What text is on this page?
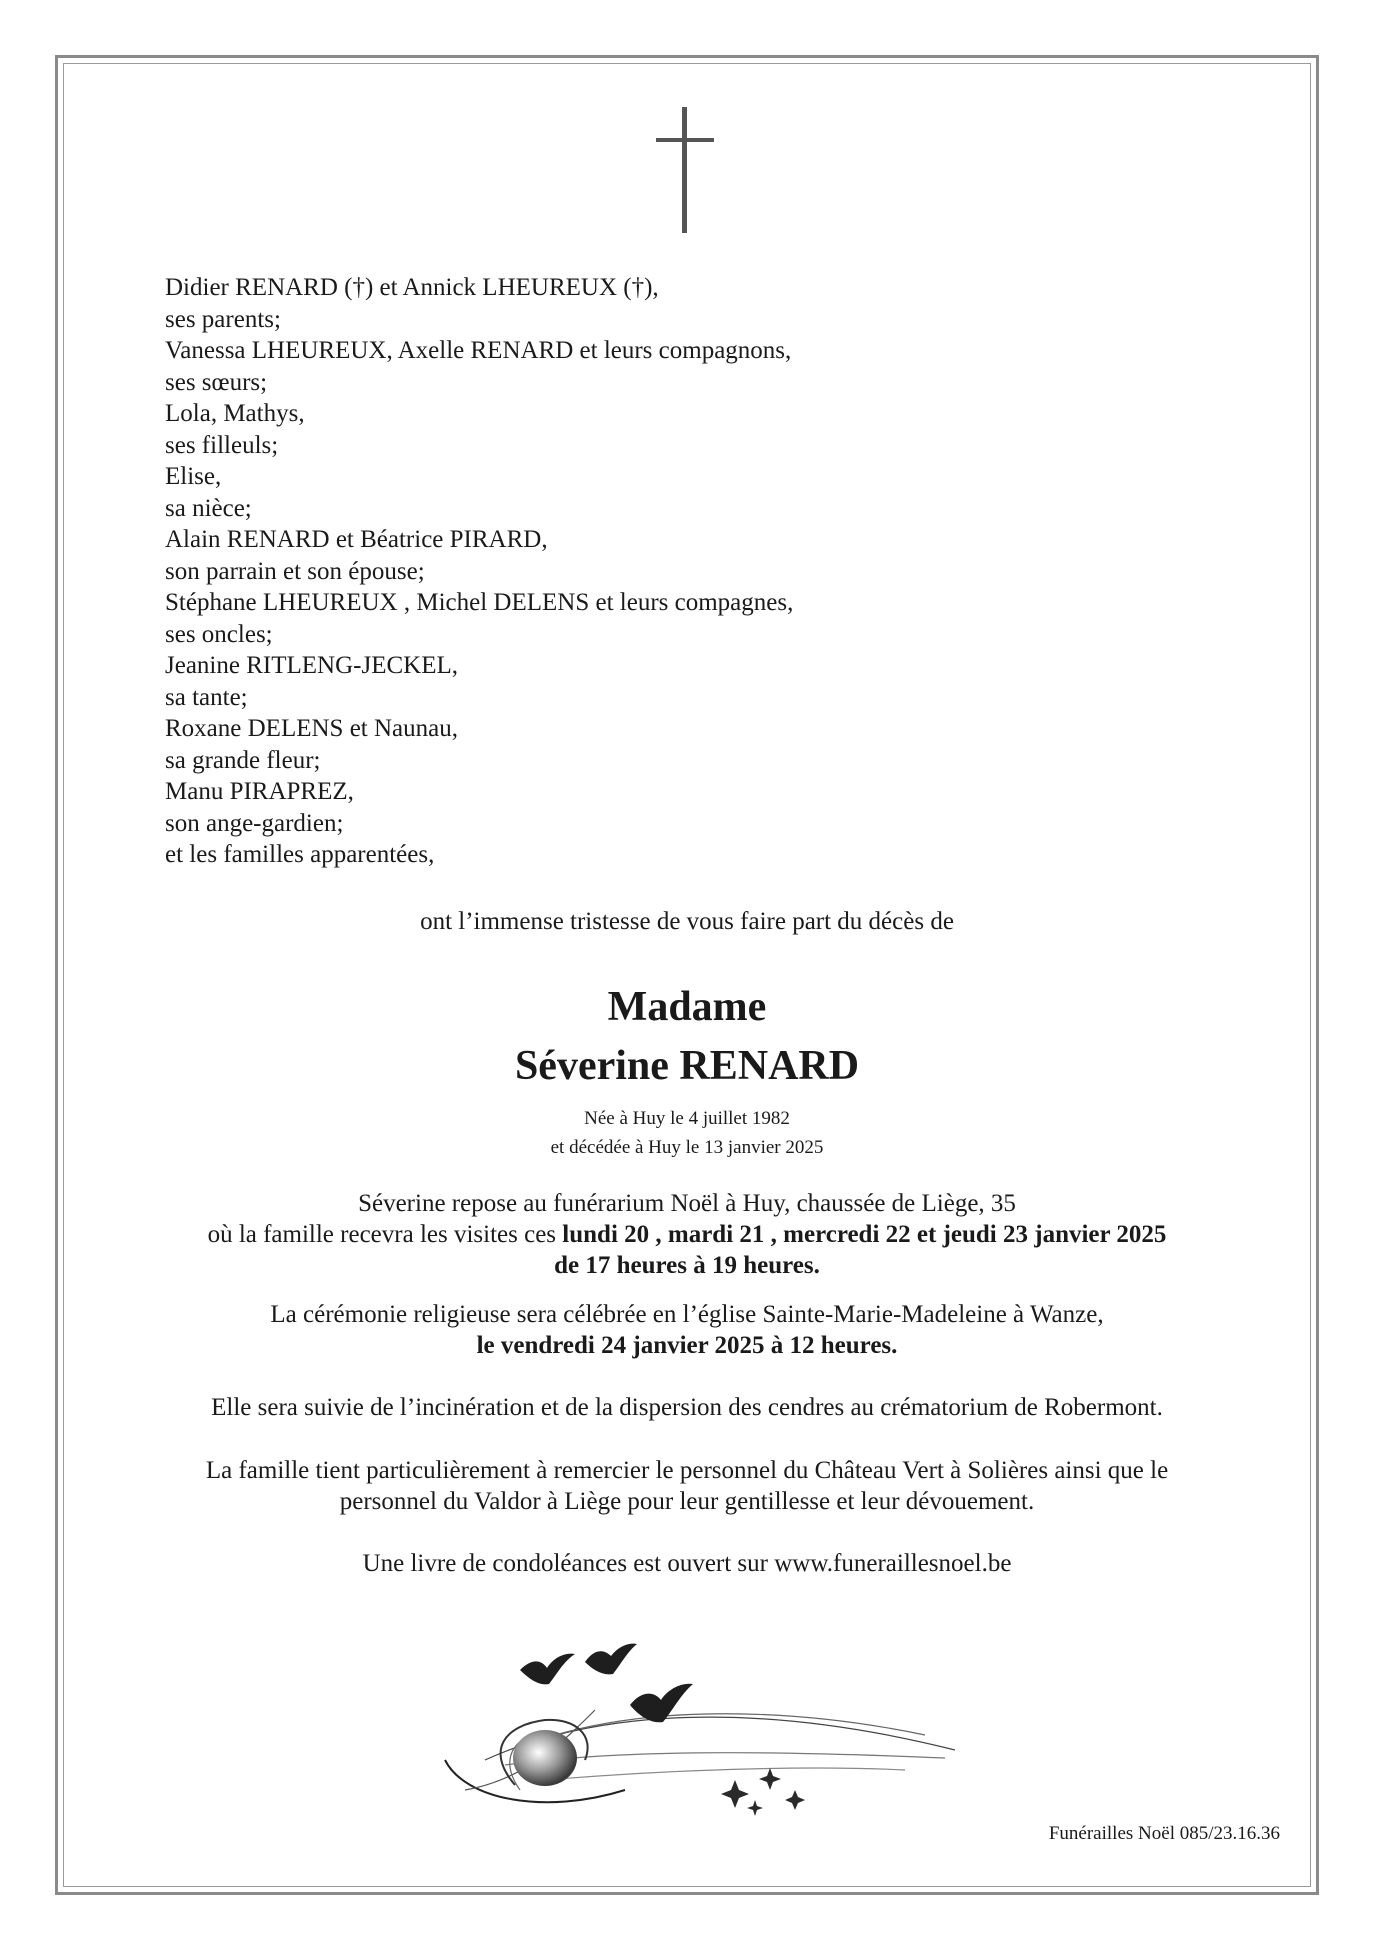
Didier RENARD (†) et Annick LHEUREUX (†),
ses parents;
Vanessa LHEUREUX, Axelle RENARD et leurs compagnons,
ses sœurs;
Lola, Mathys,
ses filleuls;
Elise,
sa nièce;
Alain RENARD et Béatrice PIRARD,
son parrain et son épouse;
Stéphane LHEUREUX , Michel DELENS et leurs compagnes,
ses oncles;
Jeanine RITLENG-JECKEL,
sa tante;
Roxane DELENS et Naunau,
sa grande fleur;
Manu PIRAPREZ,
son ange-gardien;
et les familles apparentées,
ont l’immense tristesse de vous faire part du décès de
Madame
Séverine RENARD
Née à Huy le 4 juillet 1982
et décédée à Huy le 13 janvier 2025
Séverine repose au funérarium Noël à Huy, chaussée de Liège, 35
où la famille recevra les visites ces lundi 20 , mardi 21 , mercredi 22 et jeudi 23 janvier 2025
de 17 heures à 19 heures.
La cérémonie religieuse sera célébrée en l’église Sainte-Marie-Madeleine à Wanze,
le vendredi 24 janvier 2025 à 12 heures.
Elle sera suivie de l’incinération et de la dispersion des cendres au crématorium de Robermont.
La famille tient particulièrement à remercier le personnel du Château Vert à Solières ainsi que le
personnel du Valdor à Liège pour leur gentillesse et leur dévouement.
Une livre de condoléances est ouvert sur www.funeraillesnoel.be
Funérailles Noël 085/23.16.36
